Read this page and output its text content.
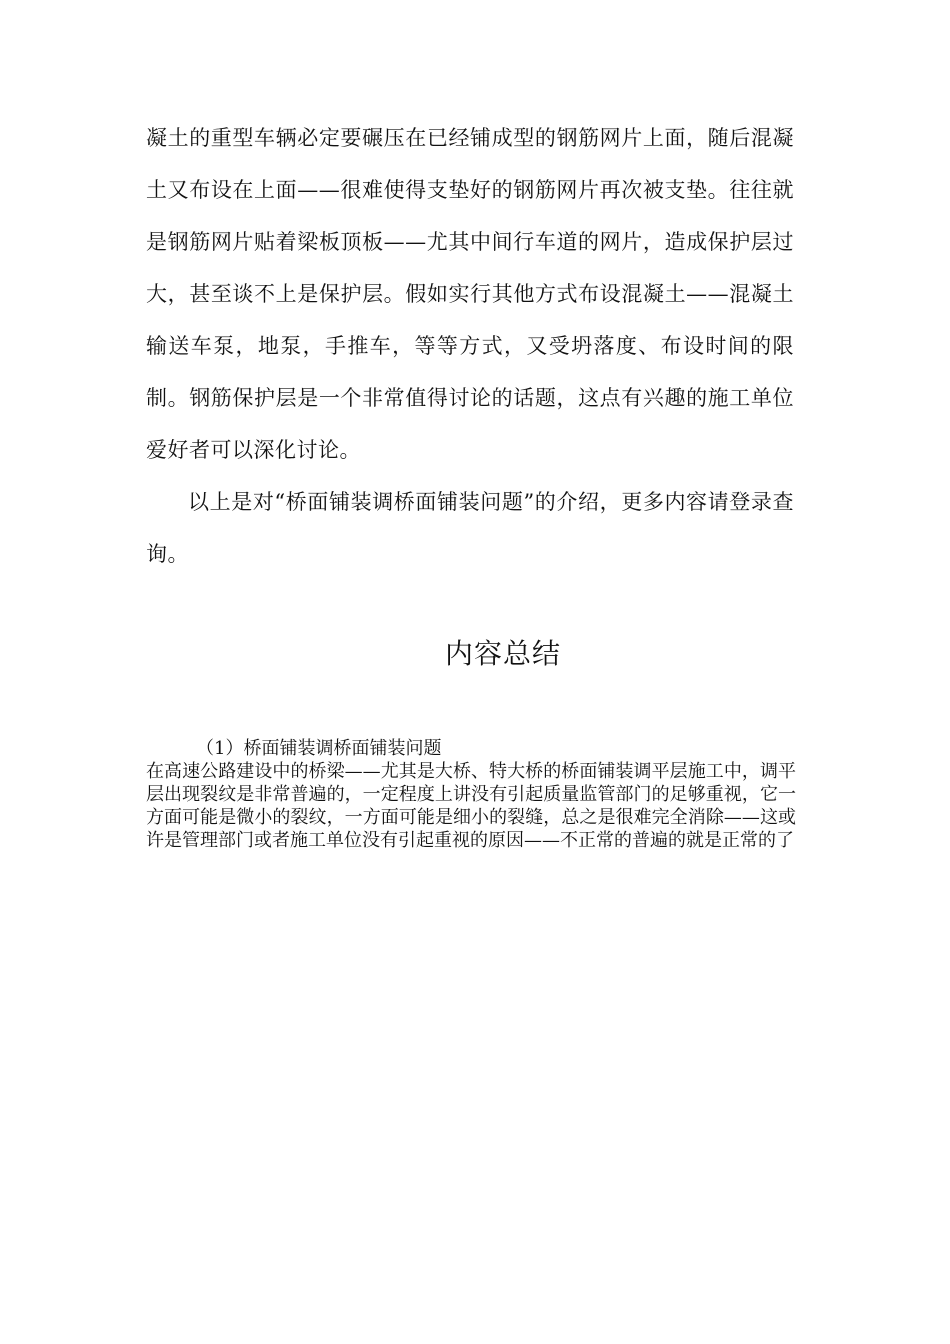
凝土的重型车辆必定要碾压在已经铺成型的钢筋网片上面，随后混凝土又布设在上面——很难使得支垫好的钢筋网片再次被支垫。往往就是钢筋网片贴着梁板顶板——尤其中间行车道的网片，造成保护层过大，甚至谈不上是保护层。假如实行其他方式布设混凝土——混凝土输送车泵，地泵，手推车，等等方式，又受坍落度、布设时间的限制。钢筋保护层是一个非常值得讨论的话题，这点有兴趣的施工单位爱好者可以深化讨论。

以上是对“桥面铺装调桥面铺装问题”的介绍，更多内容请登录查询。

内容总结

（1）桥面铺装调桥面铺装问题

在高速公路建设中的桥梁——尤其是大桥、特大桥的桥面铺装调平层施工中，调平层出现裂纹是非常普遍的，一定程度上讲没有引起质量监管部门的足够重视，它一方面可能是微小的裂纹，一方面可能是细小的裂缝，总之是很难完全消除——这或许是管理部门或者施工单位没有引起重视的原因——不正常的普遍的就是正常的了
